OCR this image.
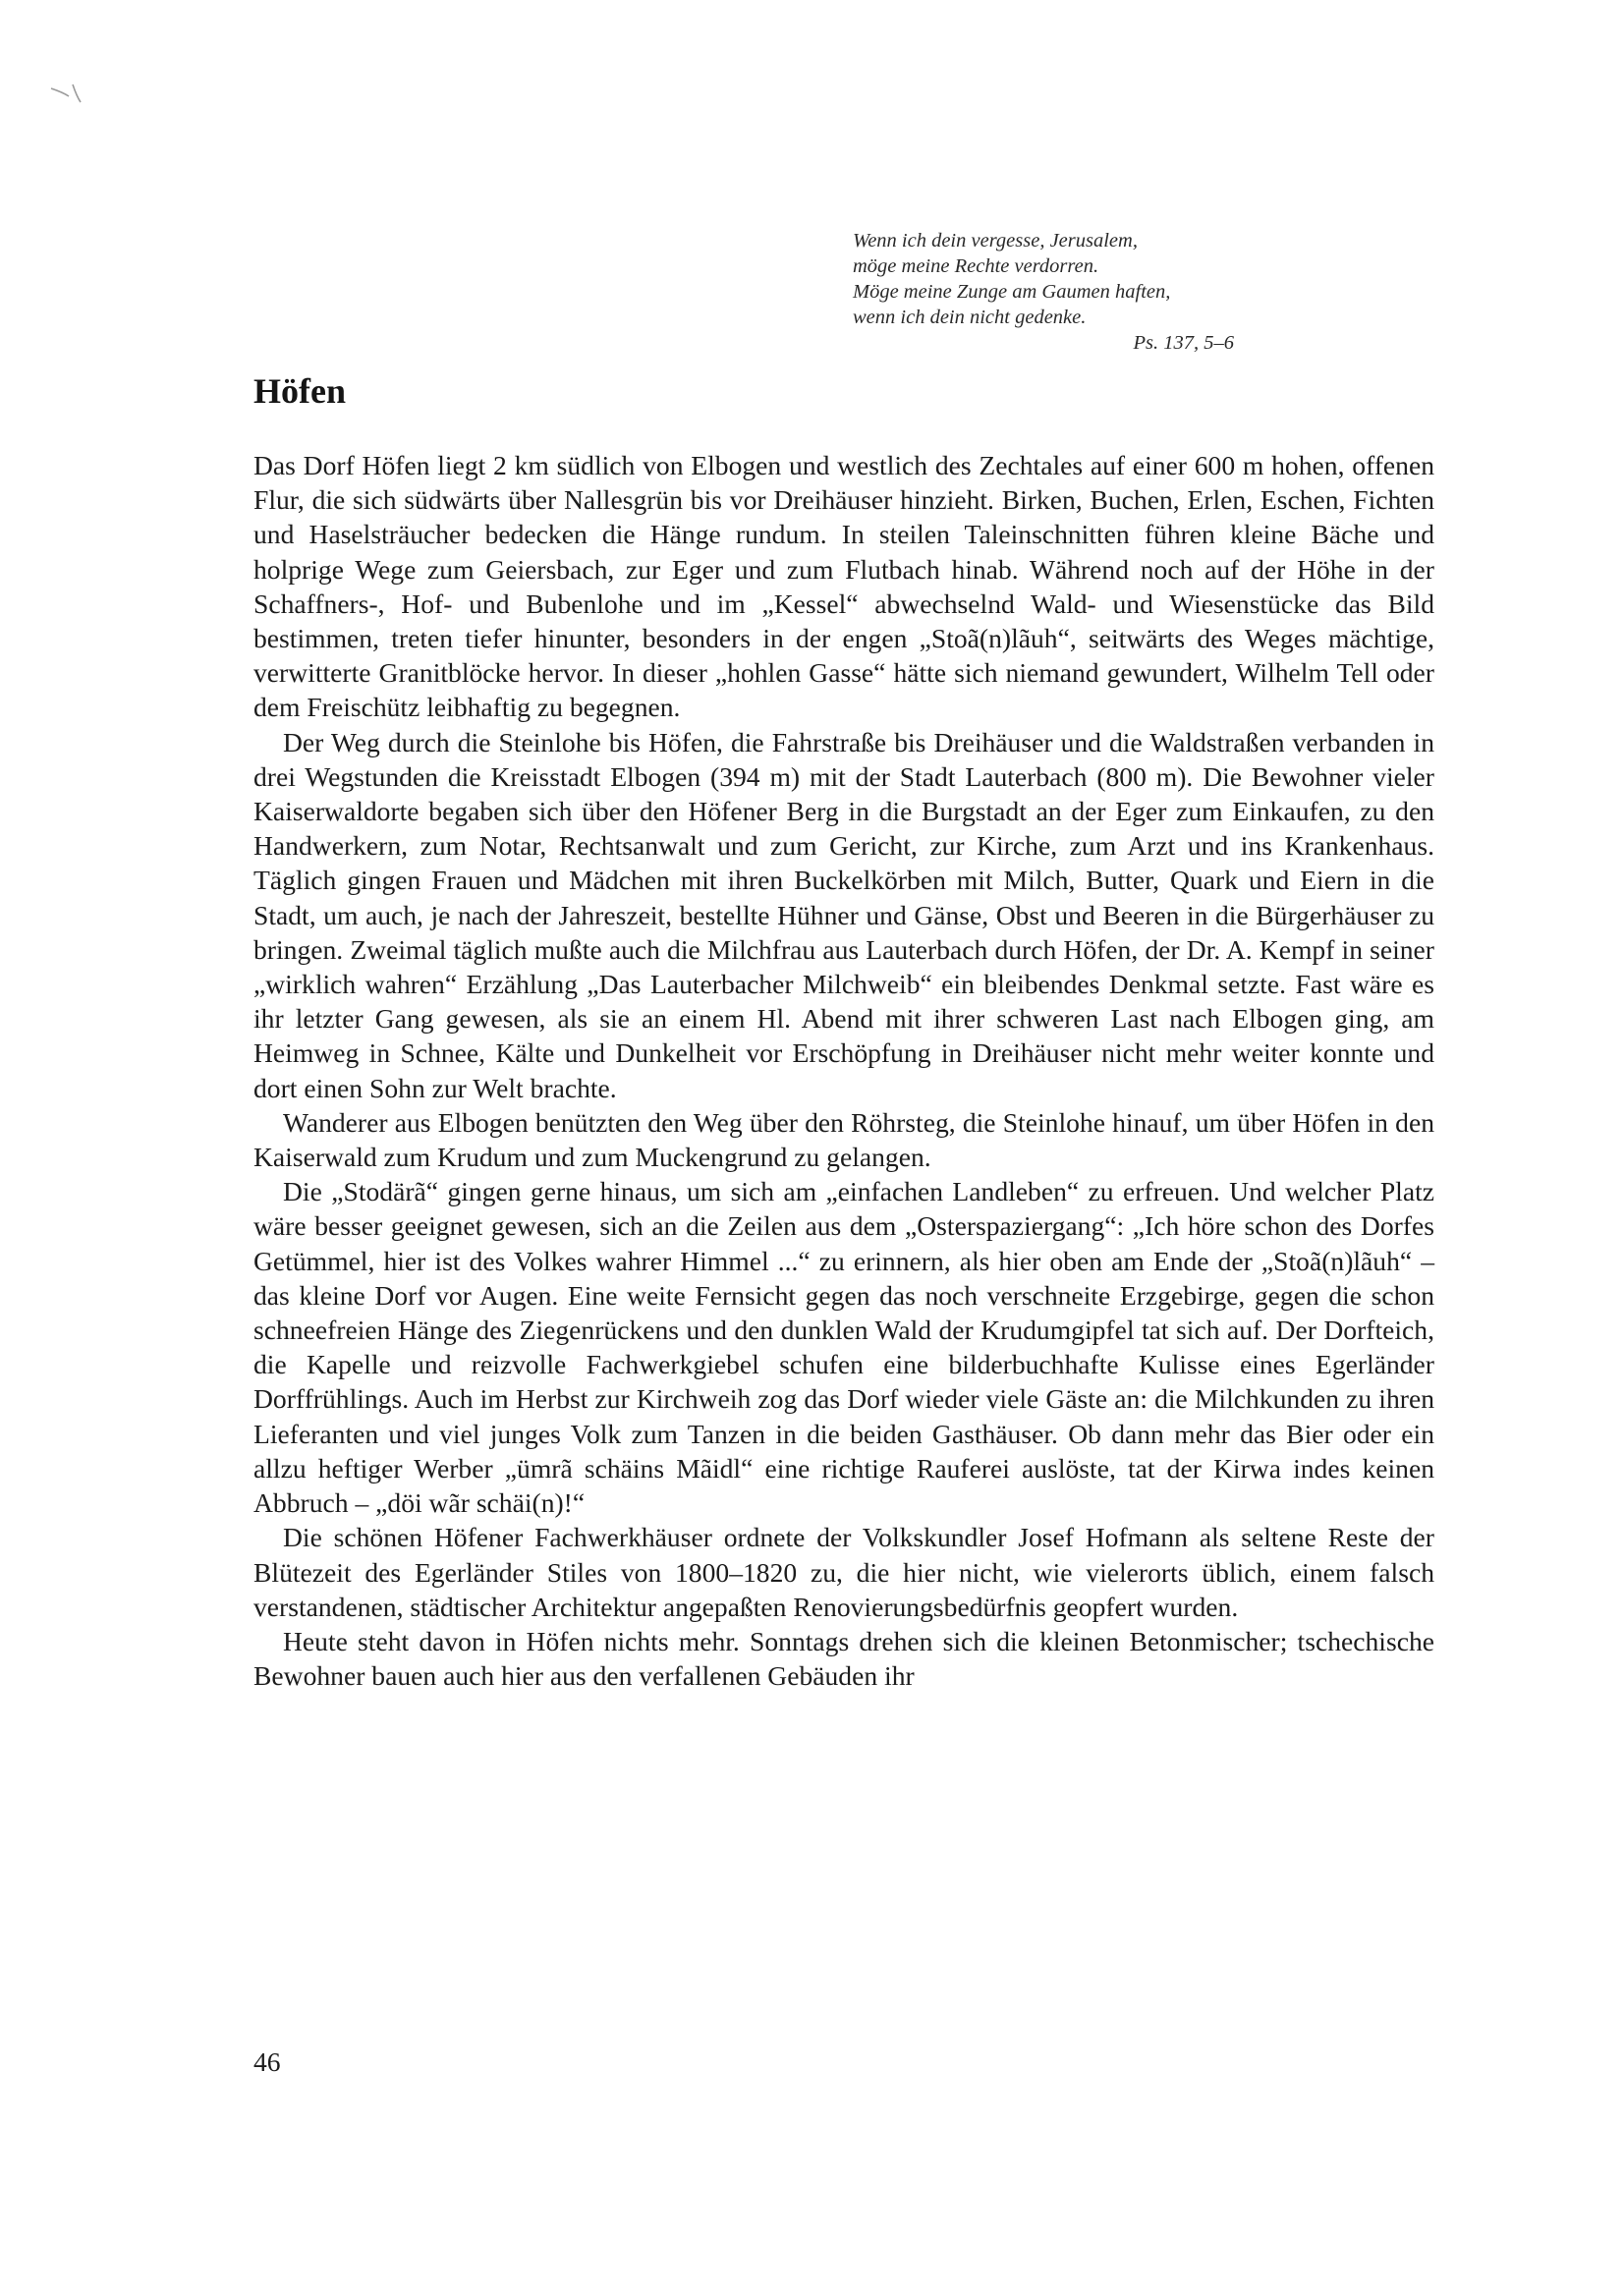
Wenn ich dein vergesse, Jerusalem,
möge meine Rechte verdorren.
Möge meine Zunge am Gaumen haften,
wenn ich dein nicht gedenke.
Ps. 137, 5–6
Höfen

Das Dorf Höfen liegt 2 km südlich von Elbogen und westlich des Zechtales auf einer 600 m hohen, offenen Flur, die sich südwärts über Nallesgrün bis vor Dreihäuser hinzieht. Birken, Buchen, Erlen, Eschen, Fichten und Haselsträucher bedecken die Hänge rundum. In steilen Taleinschnitten führen kleine Bäche und holprige Wege zum Geiersbach, zur Eger und zum Flutbach hinab. Während noch auf der Höhe in der Schaffners-, Hof- und Bubenlohe und im „Kessel“ abwechselnd Wald- und Wiesenstücke das Bild bestimmen, treten tiefer hinunter, besonders in der engen „Stoã(n)lãuh“, seitwärts des Weges mächtige, verwitterte Granitblöcke hervor. In dieser „hohlen Gasse“ hätte sich niemand gewundert, Wilhelm Tell oder dem Freischütz leibhaftig zu begegnen.

Der Weg durch die Steinlohe bis Höfen, die Fahrstraße bis Dreihäuser und die Waldstraßen verbanden in drei Wegstunden die Kreisstadt Elbogen (394 m) mit der Stadt Lauterbach (800 m). Die Bewohner vieler Kaiserwaldorte begaben sich über den Höfener Berg in die Burgstadt an der Eger zum Einkaufen, zu den Handwerkern, zum Notar, Rechtsanwalt und zum Gericht, zur Kirche, zum Arzt und ins Krankenhaus. Täglich gingen Frauen und Mädchen mit ihren Buckelkörben mit Milch, Butter, Quark und Eiern in die Stadt, um auch, je nach der Jahreszeit, bestellte Hühner und Gänse, Obst und Beeren in die Bürgerhäuser zu bringen. Zweimal täglich mußte auch die Milchfrau aus Lauterbach durch Höfen, der Dr. A. Kempf in seiner „wirklich wahren“ Erzählung „Das Lauterbacher Milchweib“ ein bleibendes Denkmal setzte. Fast wäre es ihr letzter Gang gewesen, als sie an einem Hl. Abend mit ihrer schweren Last nach Elbogen ging, am Heimweg in Schnee, Kälte und Dunkelheit vor Erschöpfung in Dreihäuser nicht mehr weiter konnte und dort einen Sohn zur Welt brachte.

Wanderer aus Elbogen benützten den Weg über den Röhrsteg, die Steinlohe hinauf, um über Höfen in den Kaiserwald zum Krudum und zum Muckengrund zu gelangen.

Die „Stodärã“ gingen gerne hinaus, um sich am „einfachen Landleben“ zu erfreuen. Und welcher Platz wäre besser geeignet gewesen, sich an die Zeilen aus dem „Osterspaziergang“: „Ich höre schon des Dorfes Getümmel, hier ist des Volkes wahrer Himmel ...“ zu erinnern, als hier oben am Ende der „Stoã(n)lãuh“ – das kleine Dorf vor Augen. Eine weite Fernsicht gegen das noch verschneite Erzgebirge, gegen die schon schneefreien Hänge des Ziegenrückens und den dunklen Wald der Krudumgipfel tat sich auf. Der Dorfteich, die Kapelle und reizvolle Fachwerkgiebel schufen eine bilderbuchhafte Kulisse eines Egerländer Dorffrühlings. Auch im Herbst zur Kirchweih zog das Dorf wieder viele Gäste an: die Milchkunden zu ihren Lieferanten und viel junges Volk zum Tanzen in die beiden Gasthäuser. Ob dann mehr das Bier oder ein allzu heftiger Werber „ümrã schäins Mãidl“ eine richtige Rauferei auslöste, tat der Kirwa indes keinen Abbruch – „döi wãr schäi(n)!“

Die schönen Höfener Fachwerkhäuser ordnete der Volkskundler Josef Hofmann als seltene Reste der Blütezeit des Egerländer Stiles von 1800–1820 zu, die hier nicht, wie vielerorts üblich, einem falsch verstandenen, städtischer Architektur angepaßten Renovierungsbedürfnis geopfert wurden.

Heute steht davon in Höfen nichts mehr. Sonntags drehen sich die kleinen Betonmischer; tschechische Bewohner bauen auch hier aus den verfallenen Gebäuden ihr

46
